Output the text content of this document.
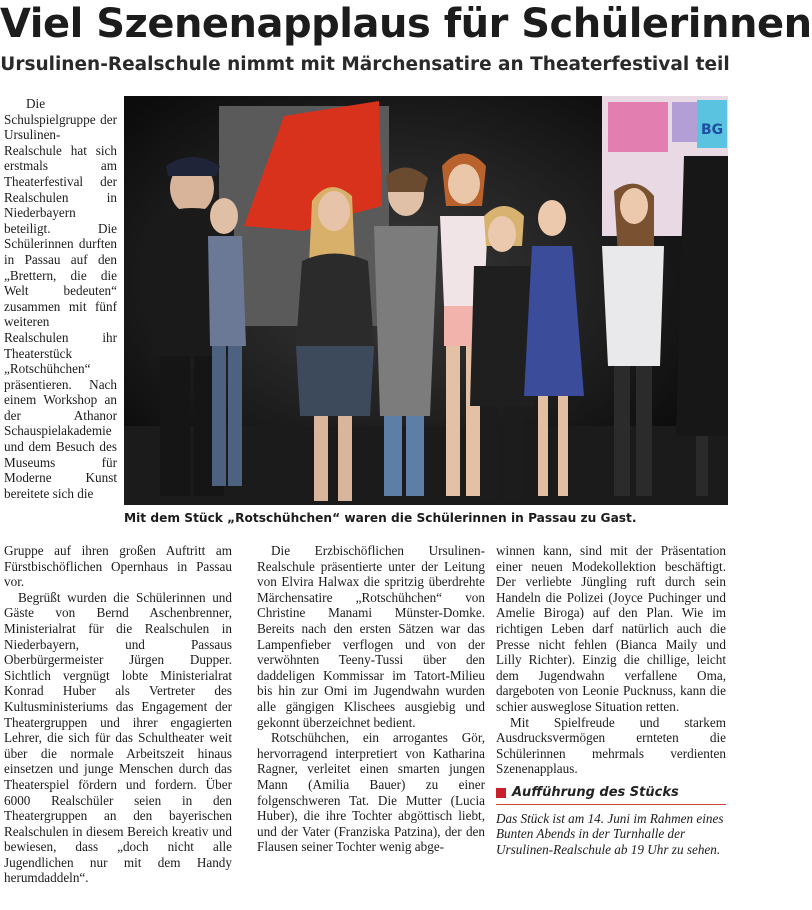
Viel Szenenapplaus für Schülerinnen
Ursulinen-Realschule nimmt mit Märchensatire an Theaterfestival teil

Die Schulspielgruppe der Ursulinen-Realschule hat sich erstmals am Theaterfestival der Realschulen in Niederbayern beteiligt. Die Schülerinnen durften in Passau auf den „Brettern, die die Welt bedeuten“ zusammen mit fünf weiteren Realschulen ihr Theaterstück „Rotschühchen“ präsentieren. Nach einem Workshop an der Athanor Schauspielakademie und dem Besuch des Museums für Moderne Kunst bereitete sich die

BG
Mit dem Stück „Rotschühchen“ waren die Schülerinnen in Passau zu Gast.

Gruppe auf ihren großen Auftritt am Fürstbischöflichen Opernhaus in Passau vor.

Begrüßt wurden die Schülerinnen und Gäste von Bernd Aschenbrenner, Ministerialrat für die Realschulen in Niederbayern, und Passaus Oberbürgermeister Jürgen Dupper. Sichtlich vergnügt lobte Ministerialrat Konrad Huber als Vertreter des Kultusministeriums das Engagement der Theatergruppen und ihrer engagierten Lehrer, die sich für das Schultheater weit über die normale Arbeitszeit hinaus einsetzen und junge Menschen durch das Theaterspiel fördern und fordern. Über 6000 Realschüler seien in den Theatergruppen an den bayerischen Realschulen in diesem Bereich kreativ und bewiesen, dass „doch nicht alle Jugendlichen nur mit dem Handy herumdaddeln“.

Die Erzbischöflichen Ursulinen-Realschule präsentierte unter der Leitung von Elvira Halwax die spritzig überdrehte Märchensatire „Rotschühchen“ von Christine Manami Münster-Domke. Bereits nach den ersten Sätzen war das Lampenfieber verflogen und von der verwöhnten Teeny-Tussi über den daddeligen Kommissar im Tatort-Milieu bis hin zur Omi im Jugendwahn wurden alle gängigen Klischees ausgiebig und gekonnt überzeichnet bedient.

Rotschühchen, ein arrogantes Gör, hervorragend interpretiert von Katharina Ragner, verleitet einen smarten jungen Mann (Amilia Bauer) zu einer folgenschweren Tat. Die Mutter (Lucia Huber), die ihre Tochter abgöttisch liebt, und der Vater (Franziska Patzina), der den Flausen seiner Tochter wenig abge-

winnen kann, sind mit der Präsentation einer neuen Modekollektion beschäftigt. Der verliebte Jüngling ruft durch sein Handeln die Polizei (Joyce Puchinger und Amelie Biroga) auf den Plan. Wie im richtigen Leben darf natürlich auch die Presse nicht fehlen (Bianca Maily und Lilly Richter). Einzig die chillige, leicht dem Jugendwahn verfallene Oma, dargeboten von Leonie Pucknuss, kann die schier ausweglose Situation retten.

Mit Spielfreude und starkem Ausdrucksvermögen ernteten die Schülerinnen mehrmals verdienten Szenenapplaus.

Aufführung des Stücks

Das Stück ist am 14. Juni im Rahmen eines Bunten Abends in der Turnhalle der Ursulinen-Realschule ab 19 Uhr zu sehen.
